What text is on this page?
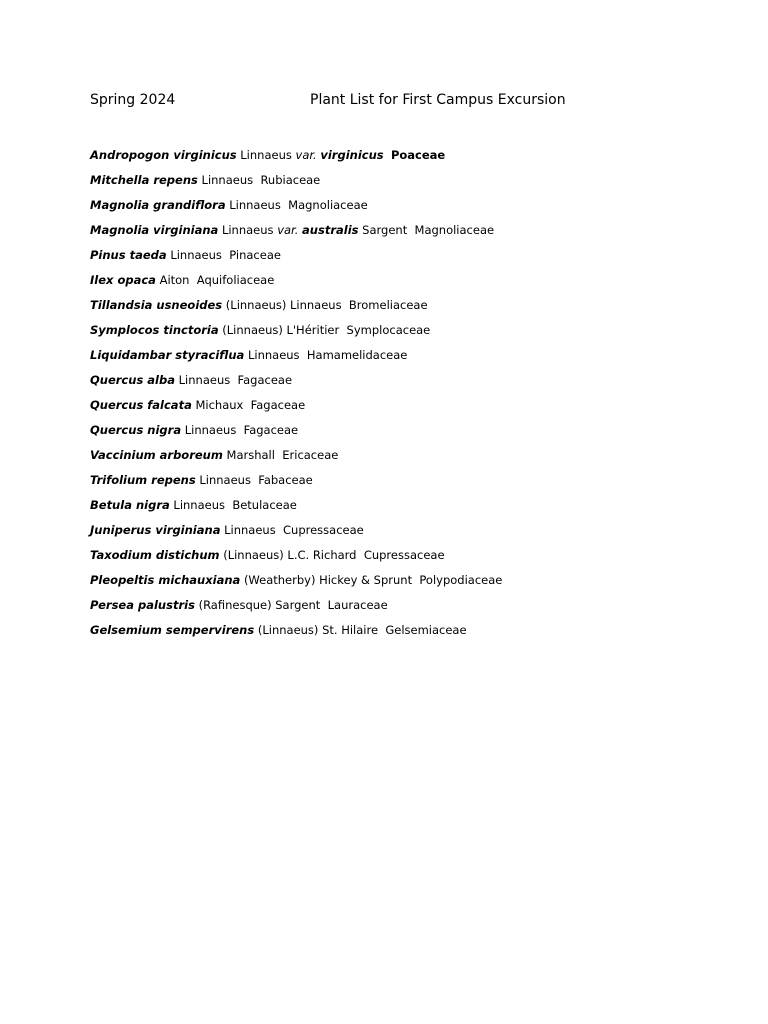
Spring 2024	Plant List for First Campus Excursion
Andropogon virginicus Linnaeus var. virginicus Poaceae
Mitchella repens Linnaeus Rubiaceae
Magnolia grandiflora Linnaeus Magnoliaceae
Magnolia virginiana Linnaeus var. australis Sargent Magnoliaceae
Pinus taeda Linnaeus Pinaceae
Ilex opaca Aiton Aquifoliaceae
Tillandsia usneoides (Linnaeus) Linnaeus Bromeliaceae
Symplocos tinctoria (Linnaeus) L'Héritier Symplocaceae
Liquidambar styraciflua Linnaeus Hamamelidaceae
Quercus alba Linnaeus Fagaceae
Quercus falcata Michaux Fagaceae
Quercus nigra Linnaeus Fagaceae
Vaccinium arboreum Marshall Ericaceae
Trifolium repens Linnaeus Fabaceae
Betula nigra Linnaeus Betulaceae
Juniperus virginiana Linnaeus Cupressaceae
Taxodium distichum (Linnaeus) L.C. Richard Cupressaceae
Pleopeltis michauxiana (Weatherby) Hickey & Sprunt Polypodiaceae
Persea palustris (Rafinesque) Sargent Lauraceae
Gelsemium sempervirens (Linnaeus) St. Hilaire Gelsemiaceae
